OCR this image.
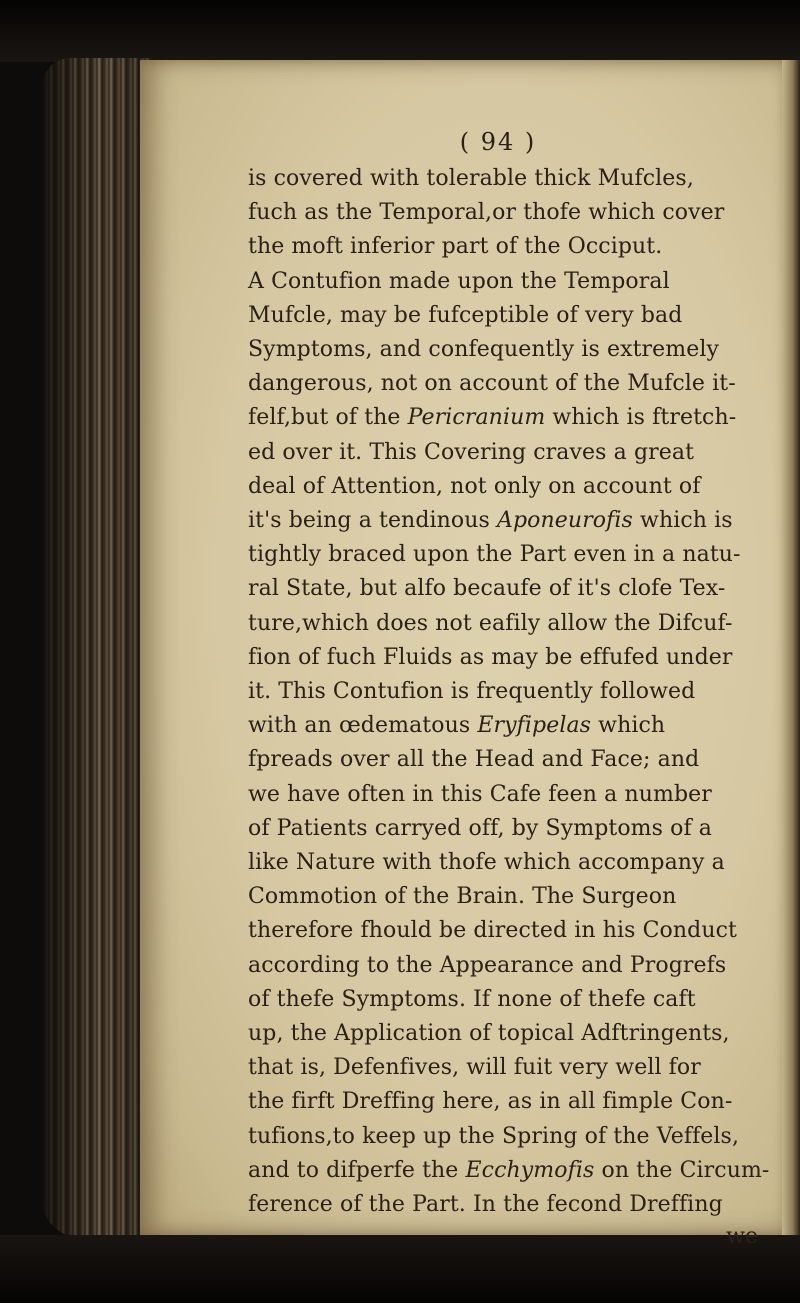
( 94 )
is covered with tolerable thick Mufcles,
fuch as the Temporal,or thofe which cover
the moft inferior part of the Occiput.
A Contufion made upon the Temporal
Mufcle, may be fufceptible of very bad
Symptoms, and confequently is extremely
dangerous, not on account of the Mufcle it-
felf,but of the Pericranium which is ftretch-
ed over it. This Covering craves a great
deal of Attention, not only on account of
it's being a tendinous Aponeurofis which is
tightly braced upon the Part even in a natu-
ral State, but alfo becaufe of it's clofe Tex-
ture,which does not eafily allow the Difcuf-
fion of fuch Fluids as may be effufed under
it. This Contufion is frequently followed
with an œdematous Eryfipelas which
fpreads over all the Head and Face; and
we have often in this Cafe feen a number
of Patients carryed off, by Symptoms of a
like Nature with thofe which accompany a
Commotion of the Brain. The Surgeon
therefore fhould be directed in his Conduct
according to the Appearance and Progrefs
of thefe Symptoms. If none of thefe caft
up, the Application of topical Adftringents,
that is, Defenfives, will fuit very well for
the firft Dreffing here, as in all fimple Con-
tufions,to keep up the Spring of the Veffels,
and to difperfe the Ecchymofis on the Circum-
ference of the Part. In the fecond Dreffing
we
